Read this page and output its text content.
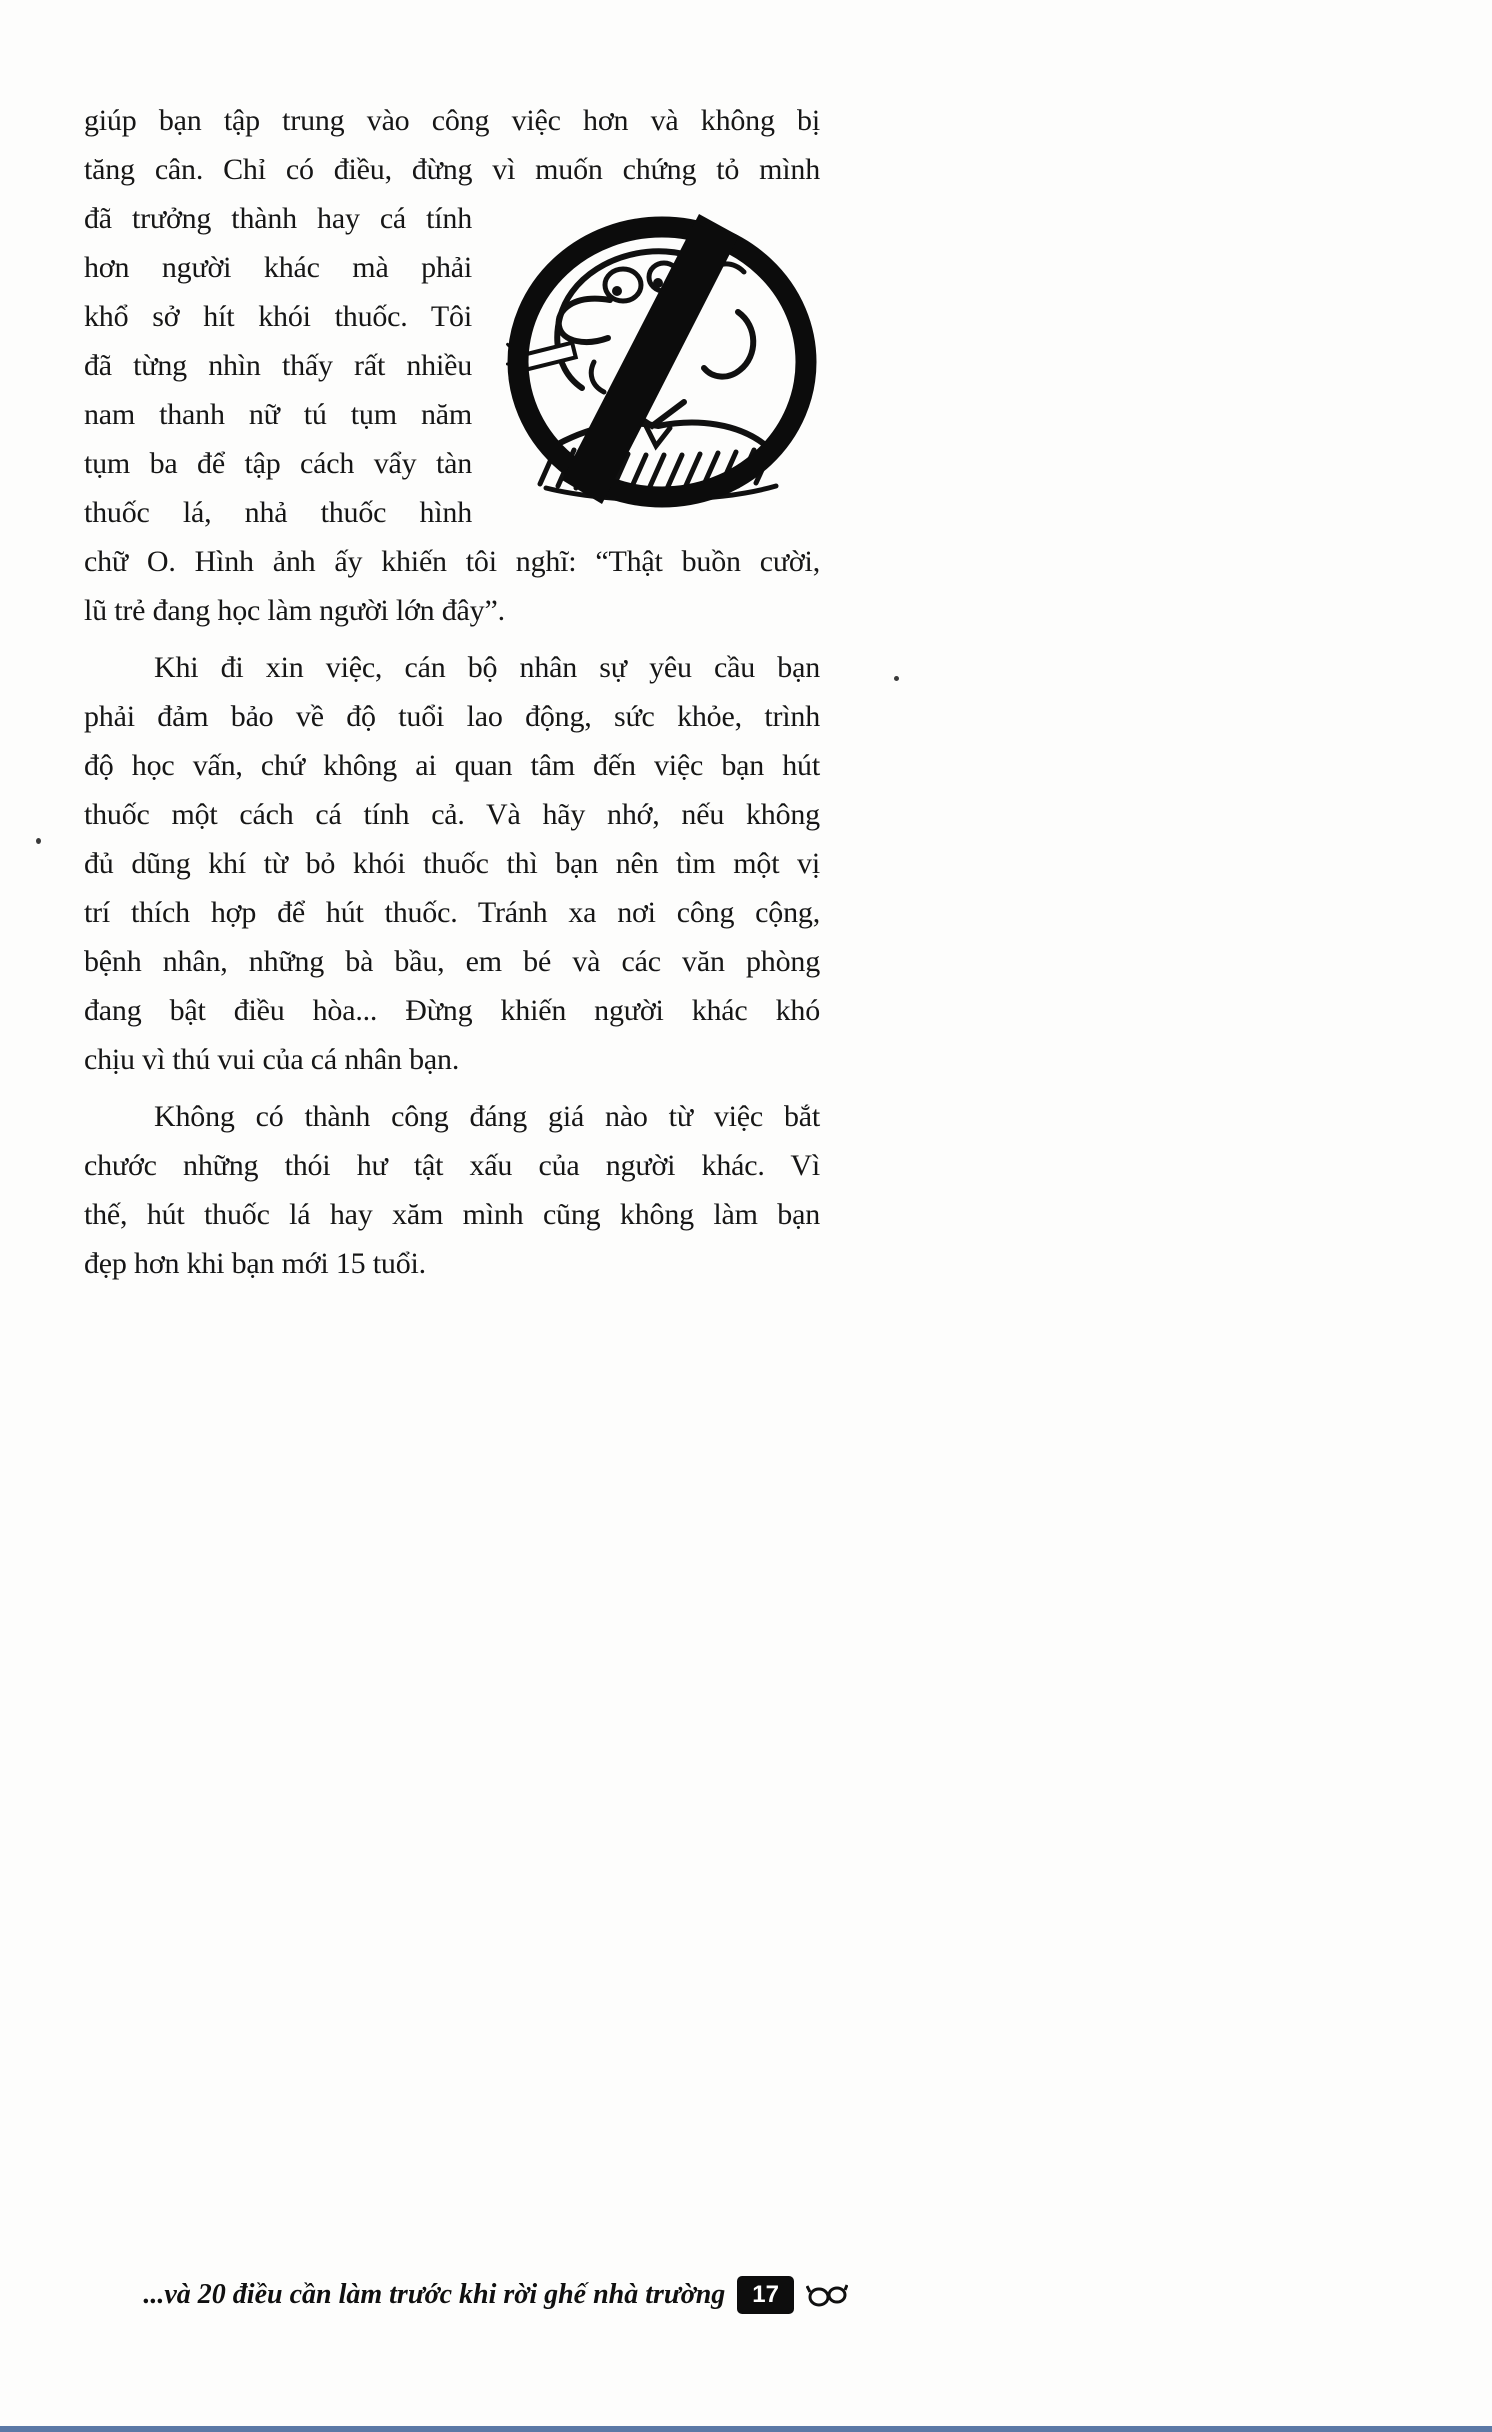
giúp bạn tập trung vào công việc hơn và không bị
tăng cân. Chỉ có điều, đừng vì muốn chứng tỏ mình
đã trưởng thành hay cá tính
hơn người khác mà phải
khổ sở hít khói thuốc. Tôi
đã từng nhìn thấy rất nhiều
nam thanh nữ tú tụm năm
tụm ba để tập cách vẩy tàn
thuốc lá, nhả thuốc hình
chữ O. Hình ảnh ấy khiến tôi nghĩ: “Thật buồn cười,
lũ trẻ đang học làm người lớn đây”.
Khi đi xin việc, cán bộ nhân sự yêu cầu bạn
phải đảm bảo về độ tuổi lao động, sức khỏe, trình
độ học vấn, chứ không ai quan tâm đến việc bạn hút
thuốc một cách cá tính cả. Và hãy nhớ, nếu không
đủ dũng khí từ bỏ khói thuốc thì bạn nên tìm một vị
trí thích hợp để hút thuốc. Tránh xa nơi công cộng,
bệnh nhân, những bà bầu, em bé và các văn phòng
đang bật điều hòa... Đừng khiến người khác khó
chịu vì thú vui của cá nhân bạn.
Không có thành công đáng giá nào từ việc bắt
chước những thói hư tật xấu của người khác. Vì
thế, hút thuốc lá hay xăm mình cũng không làm bạn
đẹp hơn khi bạn mới 15 tuổi.
...và 20 điều cần làm trước khi rời ghế nhà trường	17
